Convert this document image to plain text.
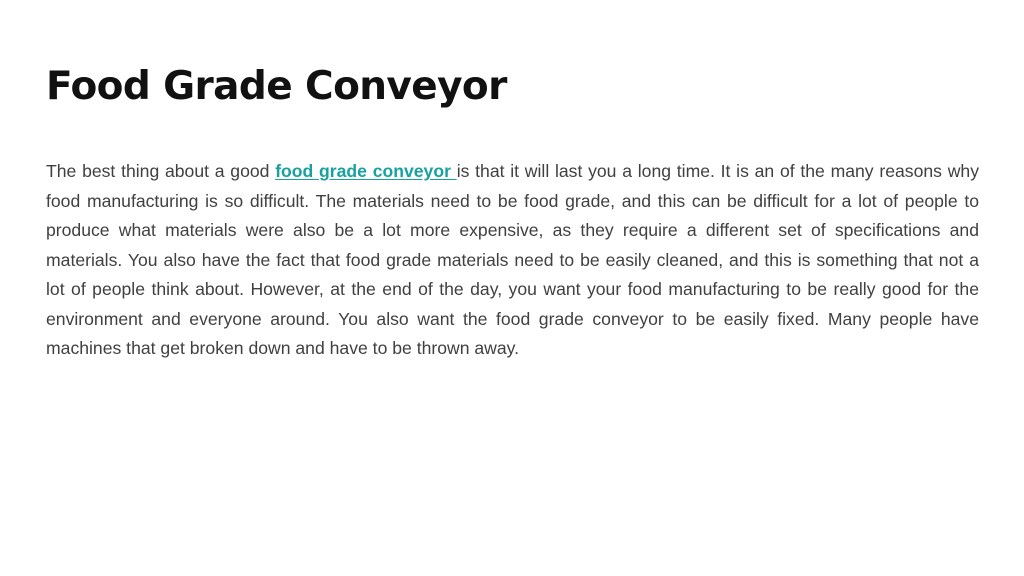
Food Grade Conveyor

The best thing about a good food grade conveyor is that it will last you a long time. It is an of the many reasons why food manufacturing is so difficult. The materials need to be food grade, and this can be difficult for a lot of people to produce what materials were also be a lot more expensive, as they require a different set of specifications and materials. You also have the fact that food grade materials need to be easily cleaned, and this is something that not a lot of people think about. However, at the end of the day, you want your food manufacturing to be really good for the environment and everyone around. You also want the food grade conveyor to be easily fixed. Many people have machines that get broken down and have to be thrown away.
